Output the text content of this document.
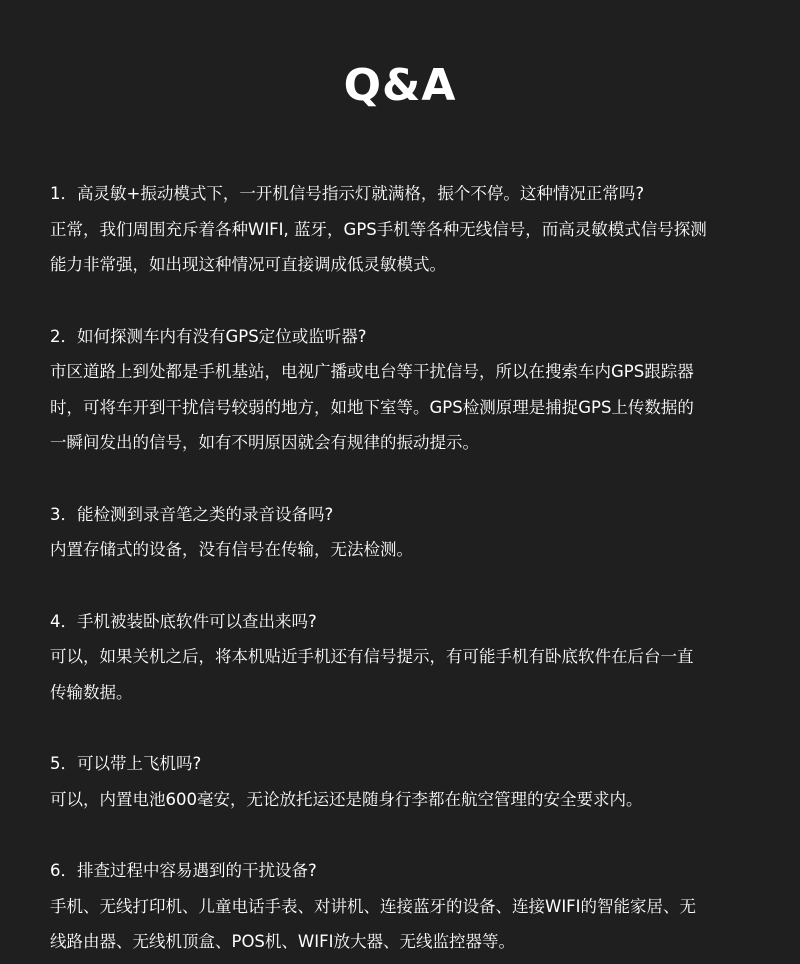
Q&A

1．高灵敏+振动模式下，一开机信号指示灯就满格，振个不停。这种情况正常吗?

正常，我们周围充斥着各种WIFI, 蓝牙，GPS手机等各种无线信号，而高灵敏模式信号探测

能力非常强，如出现这种情况可直接调成低灵敏模式。

2．如何探测车内有没有GPS定位或监听器?

市区道路上到处都是手机基站，电视广播或电台等干扰信号，所以在搜索车内GPS跟踪器

时，可将车开到干扰信号较弱的地方，如地下室等。GPS检测原理是捕捉GPS上传数据的

一瞬间发出的信号，如有不明原因就会有规律的振动提示。

3．能检测到录音笔之类的录音设备吗?

内置存储式的设备，没有信号在传输，无法检测。

4．手机被装卧底软件可以查出来吗?

可以，如果关机之后，将本机贴近手机还有信号提示，有可能手机有卧底软件在后台一直

传输数据。

5．可以带上飞机吗?

可以，内置电池600毫安，无论放托运还是随身行李都在航空管理的安全要求内。

6．排查过程中容易遇到的干扰设备?

手机、无线打印机、儿童电话手表、对讲机、连接蓝牙的设备、连接WIFI的智能家居、无

线路由器、无线机顶盒、POS机、WIFI放大器、无线监控器等。
